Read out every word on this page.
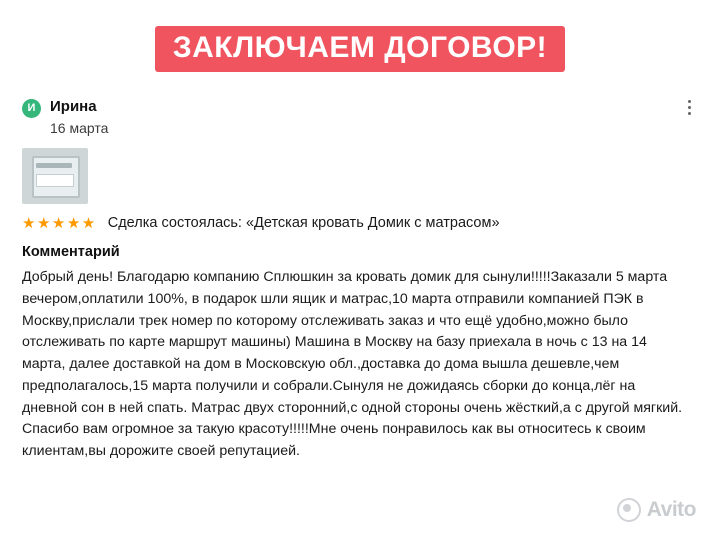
ЗАКЛЮЧАЕМ ДОГОВОР!
И Ирина
16 марта
★★★★★ Сделка состоялась: «Детская кровать Домик с матрасом»
Комментарий
Добрый день! Благодарю компанию Сплюшкин за кровать домик для сынули!!!!!Заказали 5 марта вечером,оплатили 100%, в подарок шли ящик и матрас,10 марта отправили компанией ПЭК в Москву,прислали трек номер по которому отслеживать заказ и что ещё удобно,можно было отслеживать по карте маршрут машины) Машина в Москву на базу приехала в ночь с 13 на 14 марта, далее доставкой на дом в Московскую обл.,доставка до дома вышла дешевле,чем предполагалось,15 марта получили и собрали.Сынуля не дожидаясь сборки до конца,лёг на дневной сон в ней спать. Матрас двух сторонний,с одной стороны очень жёсткий,а с другой мягкий. Спасибо вам огромное за такую красоту!!!!!Мне очень понравилось как вы относитесь к своим клиентам,вы дорожите своей репутацией.
Avito
